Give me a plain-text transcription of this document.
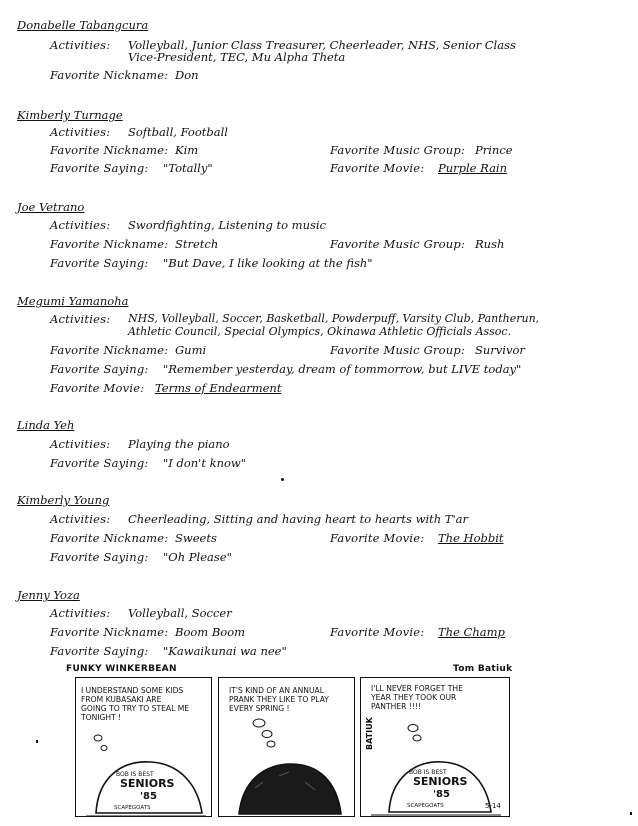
Donabelle Tabangcura
Activities: Volleyball, Junior Class Treasurer, Cheerleader, NHS, Senior Class
Vice-President, TEC, Mu Alpha Theta
Favorite Nickname: Don
Kimberly Turnage
Activities: Softball, Football
Favorite Nickname: Kim	Favorite Music Group: Prince
Favorite Saying: "Totally"	Favorite Movie: Purple Rain
Joe Vetrano
Activities: Swordfighting, Listening to music
Favorite Nickname: Stretch	Favorite Music Group: Rush
Favorite Saying: "But Dave, I like looking at the fish"
Megumi Yamanoha
Activities: NHS, Volleyball, Soccer, Basketball, Powderpuff, Varsity Club, Pantherun,
Athletic Council, Special Olympics, Okinawa Athletic Officials Assoc.
Favorite Nickname: Gumi	Favorite Music Group: Survivor
Favorite Saying: "Remember yesterday, dream of tommorrow, but LIVE today"
Favorite Movie: Terms of Endearment
Linda Yeh
Activities: Playing the piano
Favorite Saying: "I don't know"
Kimberly Young
Activities: Cheerleading, Sitting and having heart to hearts with T'ar
Favorite Nickname: Sweets	Favorite Movie: The Hobbit
Favorite Saying: "Oh Please"
Jenny Yoza
Activities: Volleyball, Soccer
Favorite Nickname: Boom Boom	Favorite Movie: The Champ
Favorite Saying: "Kawaikunai wa nee"
FUNKY WINKERBEAN	Tom Batiuk
I UNDERSTAND SOME KIDS
FROM KUBASAKI ARE
GOING TO TRY TO STEAL ME
TONIGHT !
BOB IS BEST
SENIORS
'85
SCAPEGOATS
IT'S KIND OF AN ANNUAL
PRANK THEY LIKE TO PLAY
EVERY SPRING !
I'LL NEVER FORGET THE
YEAR THEY TOOK OUR
PANTHER !!!!
BOB IS BEST
SENIORS
'85
SCAPEGOATS
BATIUK
5-14
